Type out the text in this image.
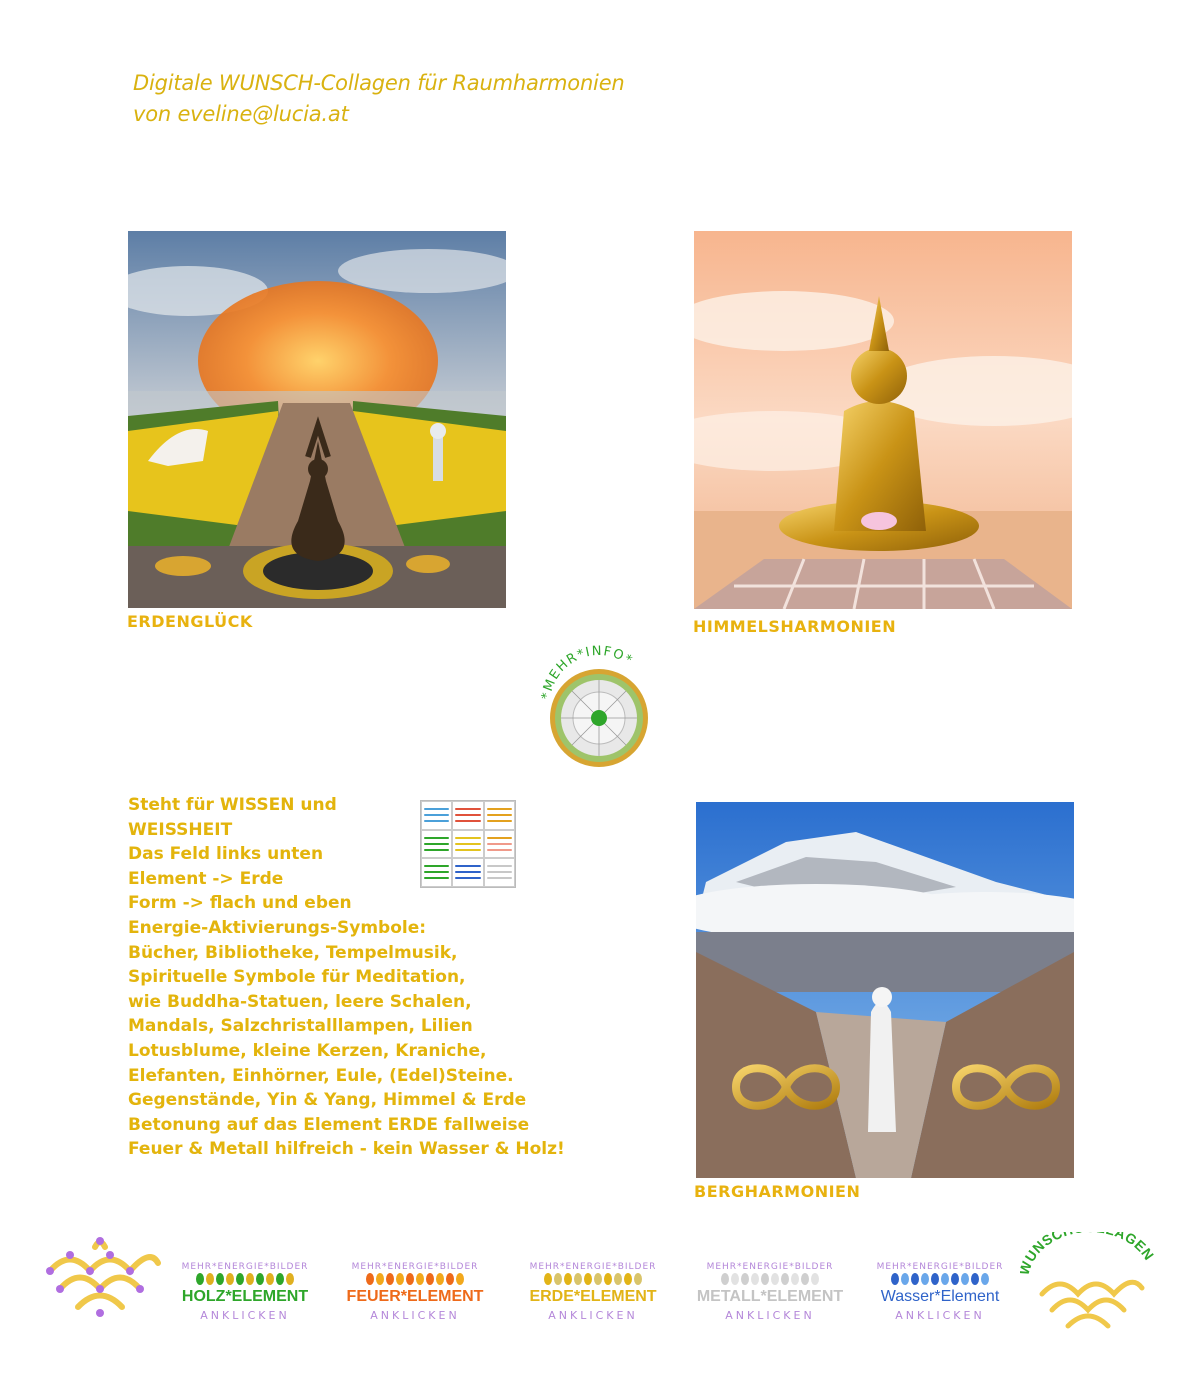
Digitale WUNSCH-Collagen für Raumharmonien
von eveline@lucia.at
ERDENGLÜCK	HIMMELSHARMONIEN
*MEHR*INFO*
Steht für WISSEN und
WEISSHEIT
Das Feld links unten
Element -> Erde
Form -> flach und eben
Energie-Aktivierungs-Symbole:
Bücher, Bibliotheke, Tempelmusik,
Spirituelle Symbole für Meditation,
wie Buddha-Statuen, leere Schalen,
Mandals, Salzchristalllampen, Lilien
Lotusblume, kleine Kerzen, Kraniche,
Elefanten, Einhörner, Eule, (Edel)Steine.
Gegenstände, Yin & Yang, Himmel & Erde
Betonung auf das Element ERDE fallweise
Feuer & Metall hilfreich - kein Wasser & Holz!
BERGHARMONIEN
MEHR*ENERGIE*BILDER
HOLZ*ELEMENT
ANKLICKEN
MEHR*ENERGIE*BILDER
FEUER*ELEMENT
ANKLICKEN
MEHR*ENERGIE*BILDER
ERDE*ELEMENT
ANKLICKEN
MEHR*ENERGIE*BILDER
METALL*ELEMENT
ANKLICKEN
MEHR*ENERGIE*BILDER
Wasser*Element
ANKLICKEN
UNSC AGEN
